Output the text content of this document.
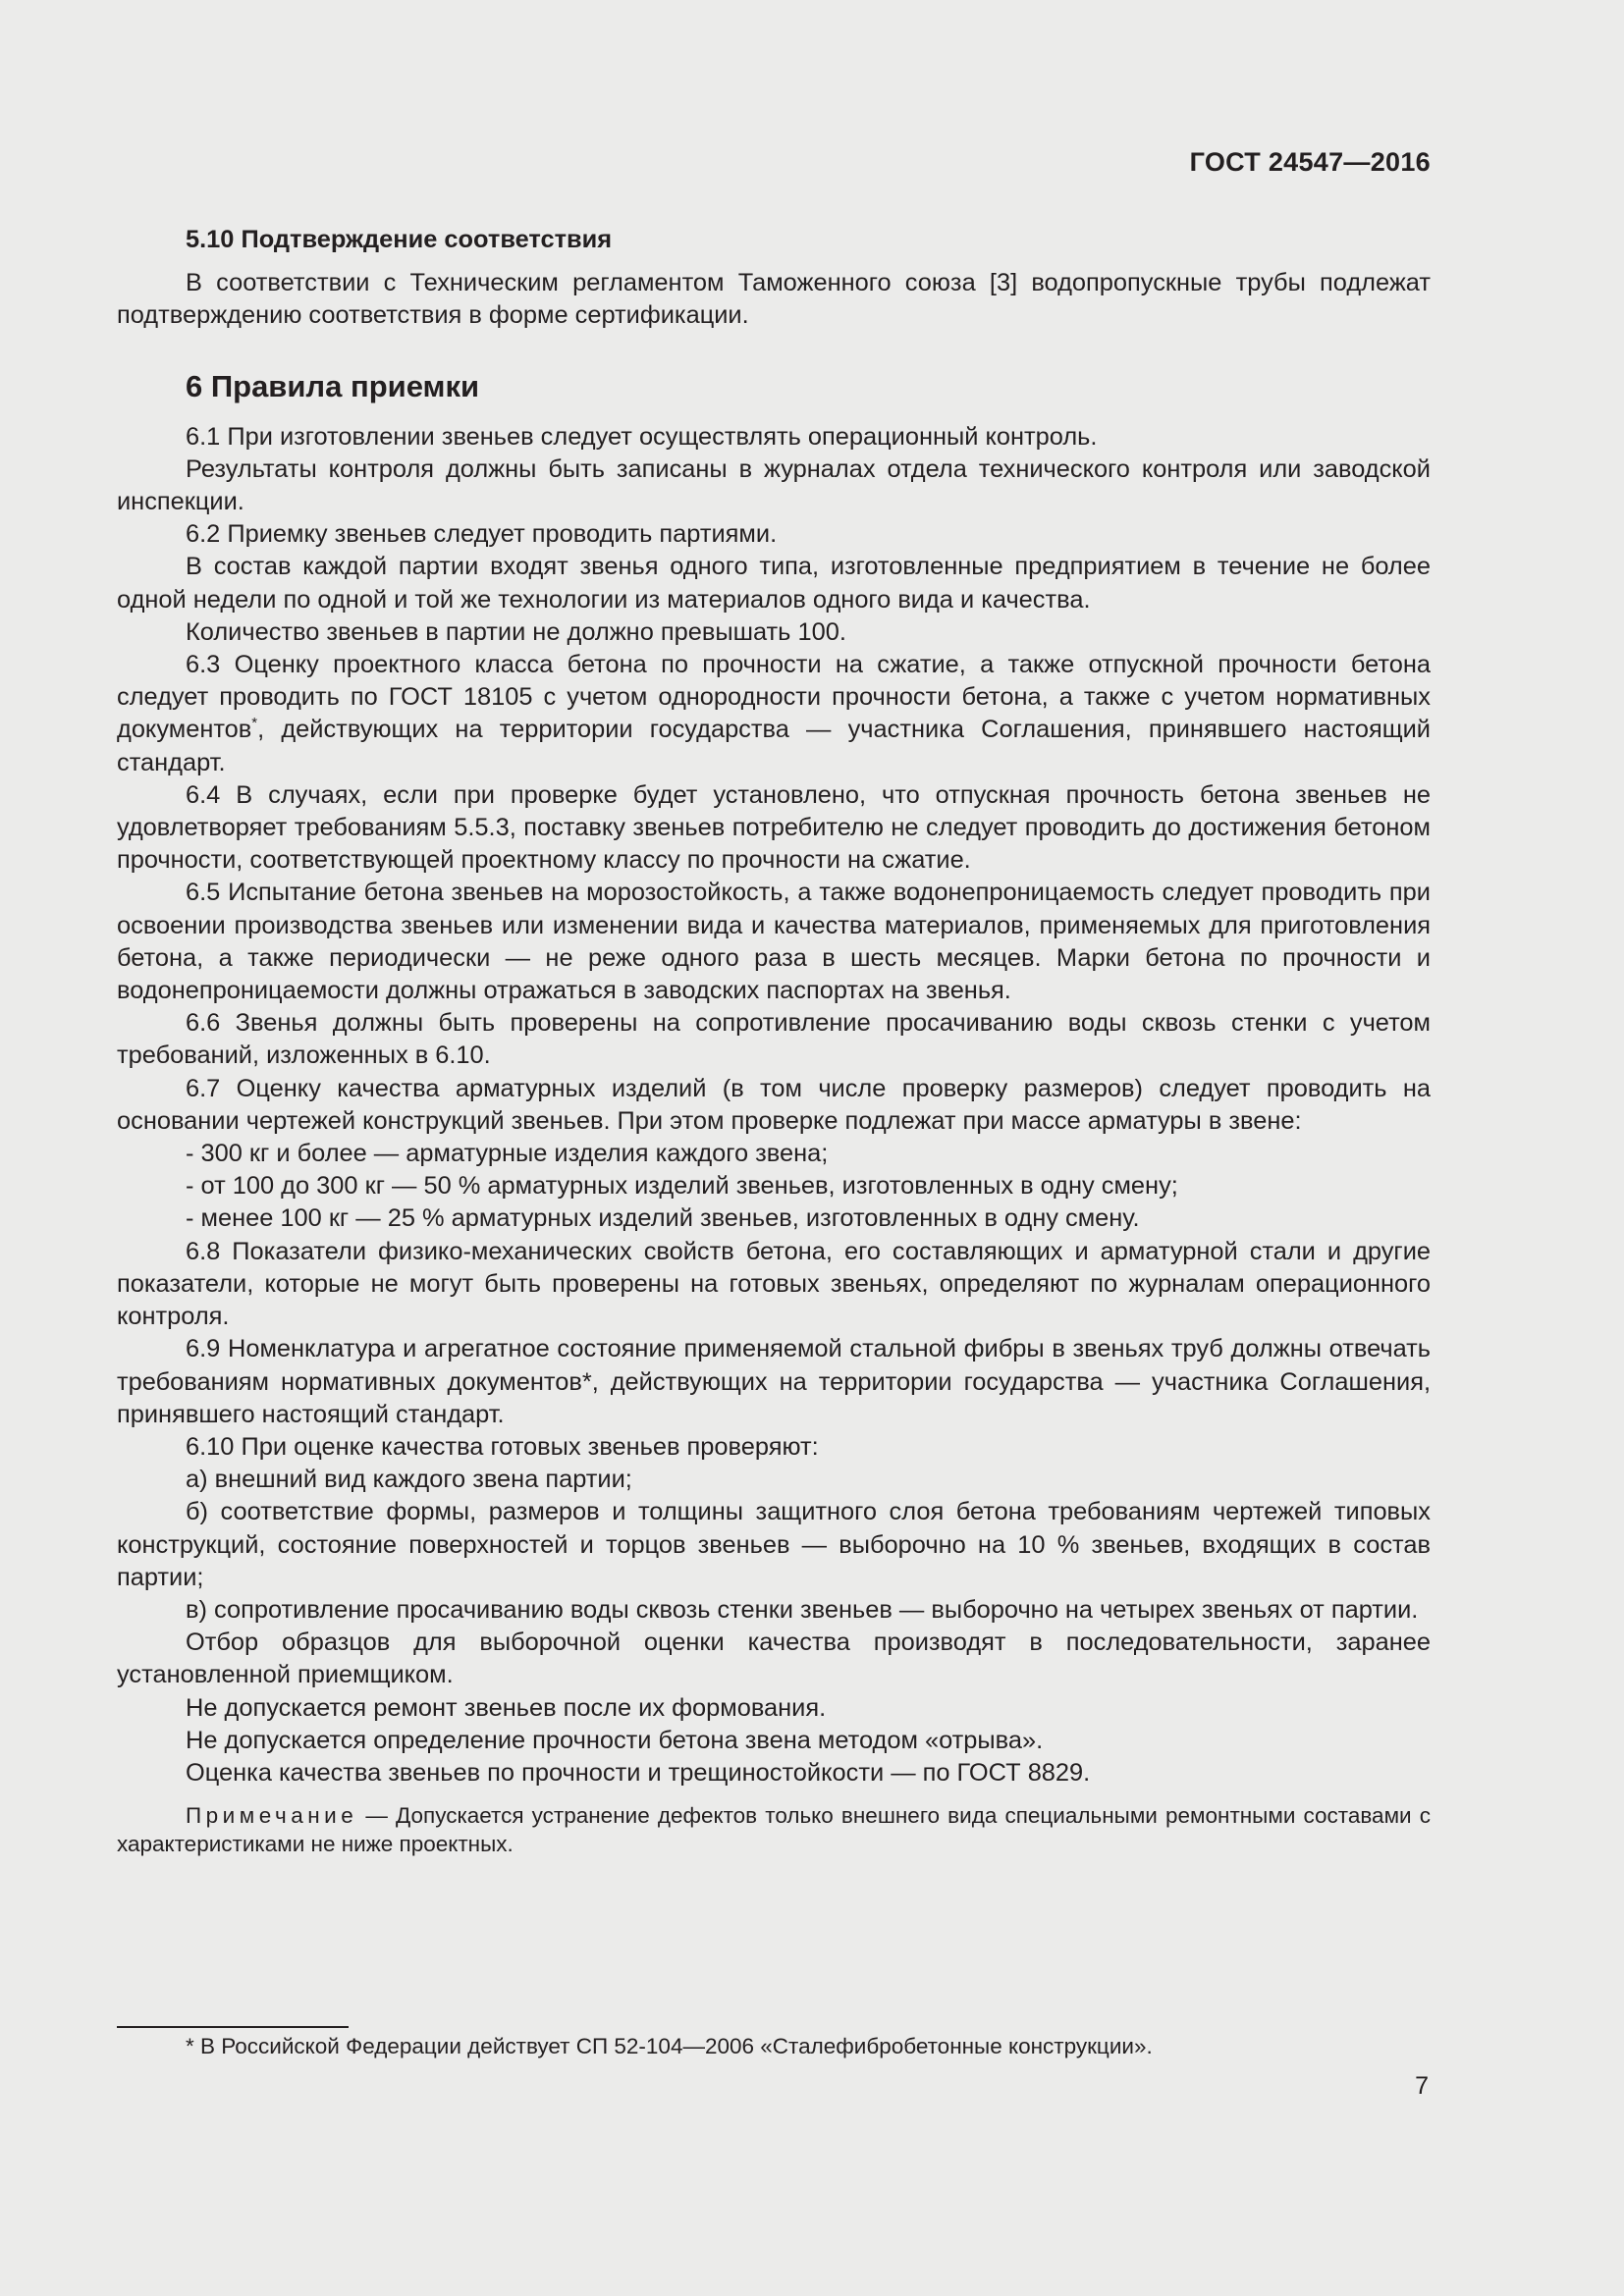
ГОСТ 24547—2016

5.10 Подтверждение соответствия

В соответствии с Техническим регламентом Таможенного союза [3] водопропускные трубы подлежат подтверждению соответствия в форме сертификации.

6 Правила приемки

6.1 При изготовлении звеньев следует осуществлять операционный контроль.

Результаты контроля должны быть записаны в журналах отдела технического контроля или заводской инспекции.

6.2 Приемку звеньев следует проводить партиями.

В состав каждой партии входят звенья одного типа, изготовленные предприятием в течение не более одной недели по одной и той же технологии из материалов одного вида и качества.

Количество звеньев в партии не должно превышать 100.

6.3 Оценку проектного класса бетона по прочности на сжатие, а также отпускной прочности бетона следует проводить по ГОСТ 18105 с учетом однородности прочности бетона, а также с учетом нормативных документов*, действующих на территории государства — участника Соглашения, принявшего настоящий стандарт.

6.4 В случаях, если при проверке будет установлено, что отпускная прочность бетона звеньев не удовлетворяет требованиям 5.5.3, поставку звеньев потребителю не следует проводить до достижения бетоном прочности, соответствующей проектному классу по прочности на сжатие.

6.5 Испытание бетона звеньев на морозостойкость, а также водонепроницаемость следует проводить при освоении производства звеньев или изменении вида и качества материалов, применяемых для приготовления бетона, а также периодически — не реже одного раза в шесть месяцев. Марки бетона по прочности и водонепроницаемости должны отражаться в заводских паспортах на звенья.

6.6 Звенья должны быть проверены на сопротивление просачиванию воды сквозь стенки с учетом требований, изложенных в 6.10.

6.7 Оценку качества арматурных изделий (в том числе проверку размеров) следует проводить на основании чертежей конструкций звеньев. При этом проверке подлежат при массе арматуры в звене:

- 300 кг и более — арматурные изделия каждого звена;

- от 100 до 300 кг — 50 % арматурных изделий звеньев, изготовленных в одну смену;

- менее 100 кг — 25 % арматурных изделий звеньев, изготовленных в одну смену.

6.8 Показатели физико-механических свойств бетона, его составляющих и арматурной стали и другие показатели, которые не могут быть проверены на готовых звеньях, определяют по журналам операционного контроля.

6.9 Номенклатура и агрегатное состояние применяемой стальной фибры в звеньях труб должны отвечать требованиям нормативных документов*, действующих на территории государства — участника Соглашения, принявшего настоящий стандарт.

6.10 При оценке качества готовых звеньев проверяют:

а) внешний вид каждого звена партии;

б) соответствие формы, размеров и толщины защитного слоя бетона требованиям чертежей типовых конструкций, состояние поверхностей и торцов звеньев — выборочно на 10 % звеньев, входящих в состав партии;

в) сопротивление просачиванию воды сквозь стенки звеньев — выборочно на четырех звеньях от партии.

Отбор образцов для выборочной оценки качества производят в последовательности, заранее установленной приемщиком.

Не допускается ремонт звеньев после их формования.

Не допускается определение прочности бетона звена методом «отрыва».

Оценка качества звеньев по прочности и трещиностойкости — по ГОСТ 8829.

Примечание — Допускается устранение дефектов только внешнего вида специальными ремонтными составами с характеристиками не ниже проектных.

* В Российской Федерации действует СП 52-104—2006 «Сталефибробетонные конструкции».
7
